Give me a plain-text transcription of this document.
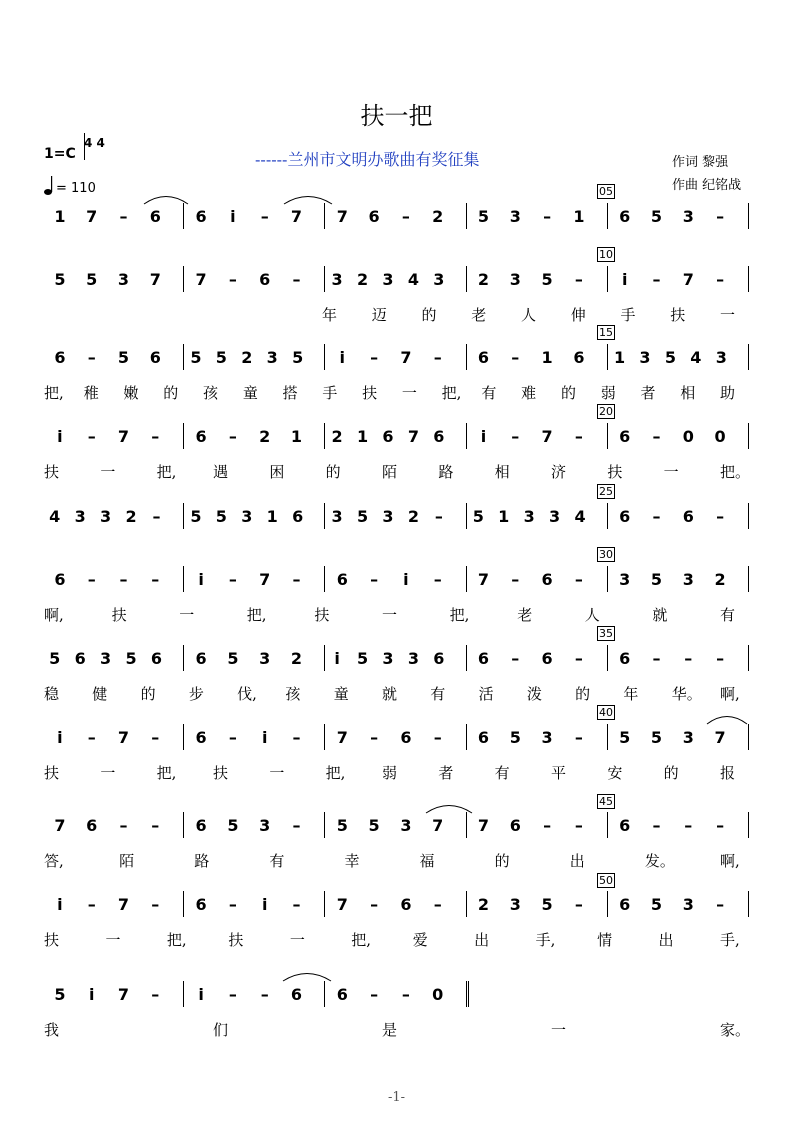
扶一把
1=C
4 4
------兰州市文明办歌曲有奖征集	作词 黎强
作曲 纪铭战
= 110	05
1 7 – 6 6 i – 7 7 6 – 2 5 3 – 1 6 5 3 –
10
5 5 3 7 7 – 6 – 3 2 3 4 3 2 3 5 – i – 7 –
年 迈 的 老 人 伸 手 扶 一
15
6 – 5 6 5 5 2 3 5 i – 7 – 6 – 1 6 1 3 5 4 3
把, 稚 嫩 的 孩 童 搭 手 扶 一 把, 有 难 的 弱 者 相 助
20
i – 7 – 6 – 2 1 2 1 6 7 6 i – 7 – 6 – 0 0
扶	一	把, 遇	困	的	陌	路	相	济	扶	一	把。
25
4 3 3 2 – 5 5 3 1 6 3 5 3 2 – 5 1 3 3 4 6 – 6 –
30
6 – – – i – 7 – 6 – i – 7 – 6 – 3 5 3 2
啊,	扶	一	把,	扶	一	把,	老	人	就	有
35
5 6 3 5 6 6 5 3 2 i 5 3 3 6 6 – 6 – 6 – – –
稳 健 的 步 伐, 孩 童 就 有 活 泼 的 年 华。 啊,
40
i – 7 – 6 – i – 7 – 6 – 6 5 3 – 5 5 3 7
扶	一	把, 扶	一	把, 弱	者	有	平	安	的	报
45
7 6 – – 6 5 3 – 5 5 3 7 7 6 – – 6 – – –
答,	陌	路	有	幸	福	的	出	发。	啊,
50
i – 7 – 6 – i – 7 – 6 – 2 3 5 – 6 5 3 –
扶	一	把,	扶	一	把,	爱	出	手,	情	出	手,
5 i 7 – i – – 6 6 – – 0
我	们	是	一	家。
-1-
